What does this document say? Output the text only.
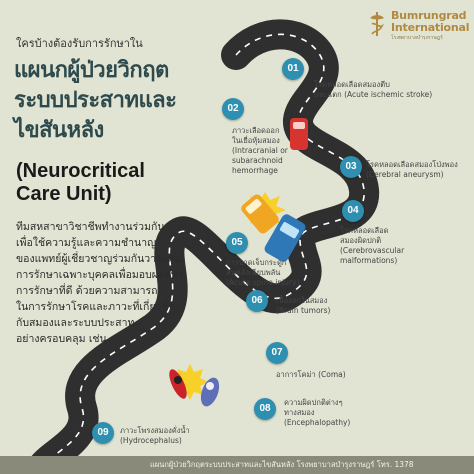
Bumrungrad
International
โรงพยาบาลบำรุงราษฎร์
ใครบ้างต้องรับการรักษาใน
แผนกผู้ป่วยวิกฤต
ระบบประสาทและ
ไขสันหลัง
(Neurocritical
Care Unit)
ทีมสหสาขาวิชาชีพทำงานร่วมกัน
เพื่อใช้ความรู้และความชำนาญ
ของแพทย์ผู้เชี่ยวชาญร่วมกันวางแผน
การรักษาเฉพาะบุคคลเพื่อมอบผลลัพธ์
การรักษาที่ดี ด้วยความสามารถ
ในการรักษาโรคและภาวะที่เกี่ยวข้อง
กับสมองและระบบประสาท
อย่างครอบคลุม เช่น
01
โรคหลอดเลือดสมองตีบ
และแตก (Acute ischemic stroke)
02
ภาวะเลือดออก
ในเยื่อหุ้มสมอง
(Intracranial or
subarachnoid
hemorrhage	03	โรคหลอดเลือดสมองโป่งพอง
(Cerebral aneurysm)
04
โรคหลอดเลือด
สมองผิดปกติ
(Cerebrovascular
malformations)
05
การบาดเจ็บกระดูก
สันหลังเฉียบพลัน
(Acute spine injury)
06	เนื้องอกในสมอง
(Brain tumors)
07
อาการโคม่า (Coma)
08
ความผิดปกติต่างๆ
ทางสมอง
(Encephalopathy)
09	ภาวะโพรงสมองคั่งน้ำ
(Hydrocephalus)
แผนกผู้ป่วยวิกฤตระบบประสาทและไขสันหลัง โรงพยาบาลบำรุงราษฎร์ โทร. 1378
